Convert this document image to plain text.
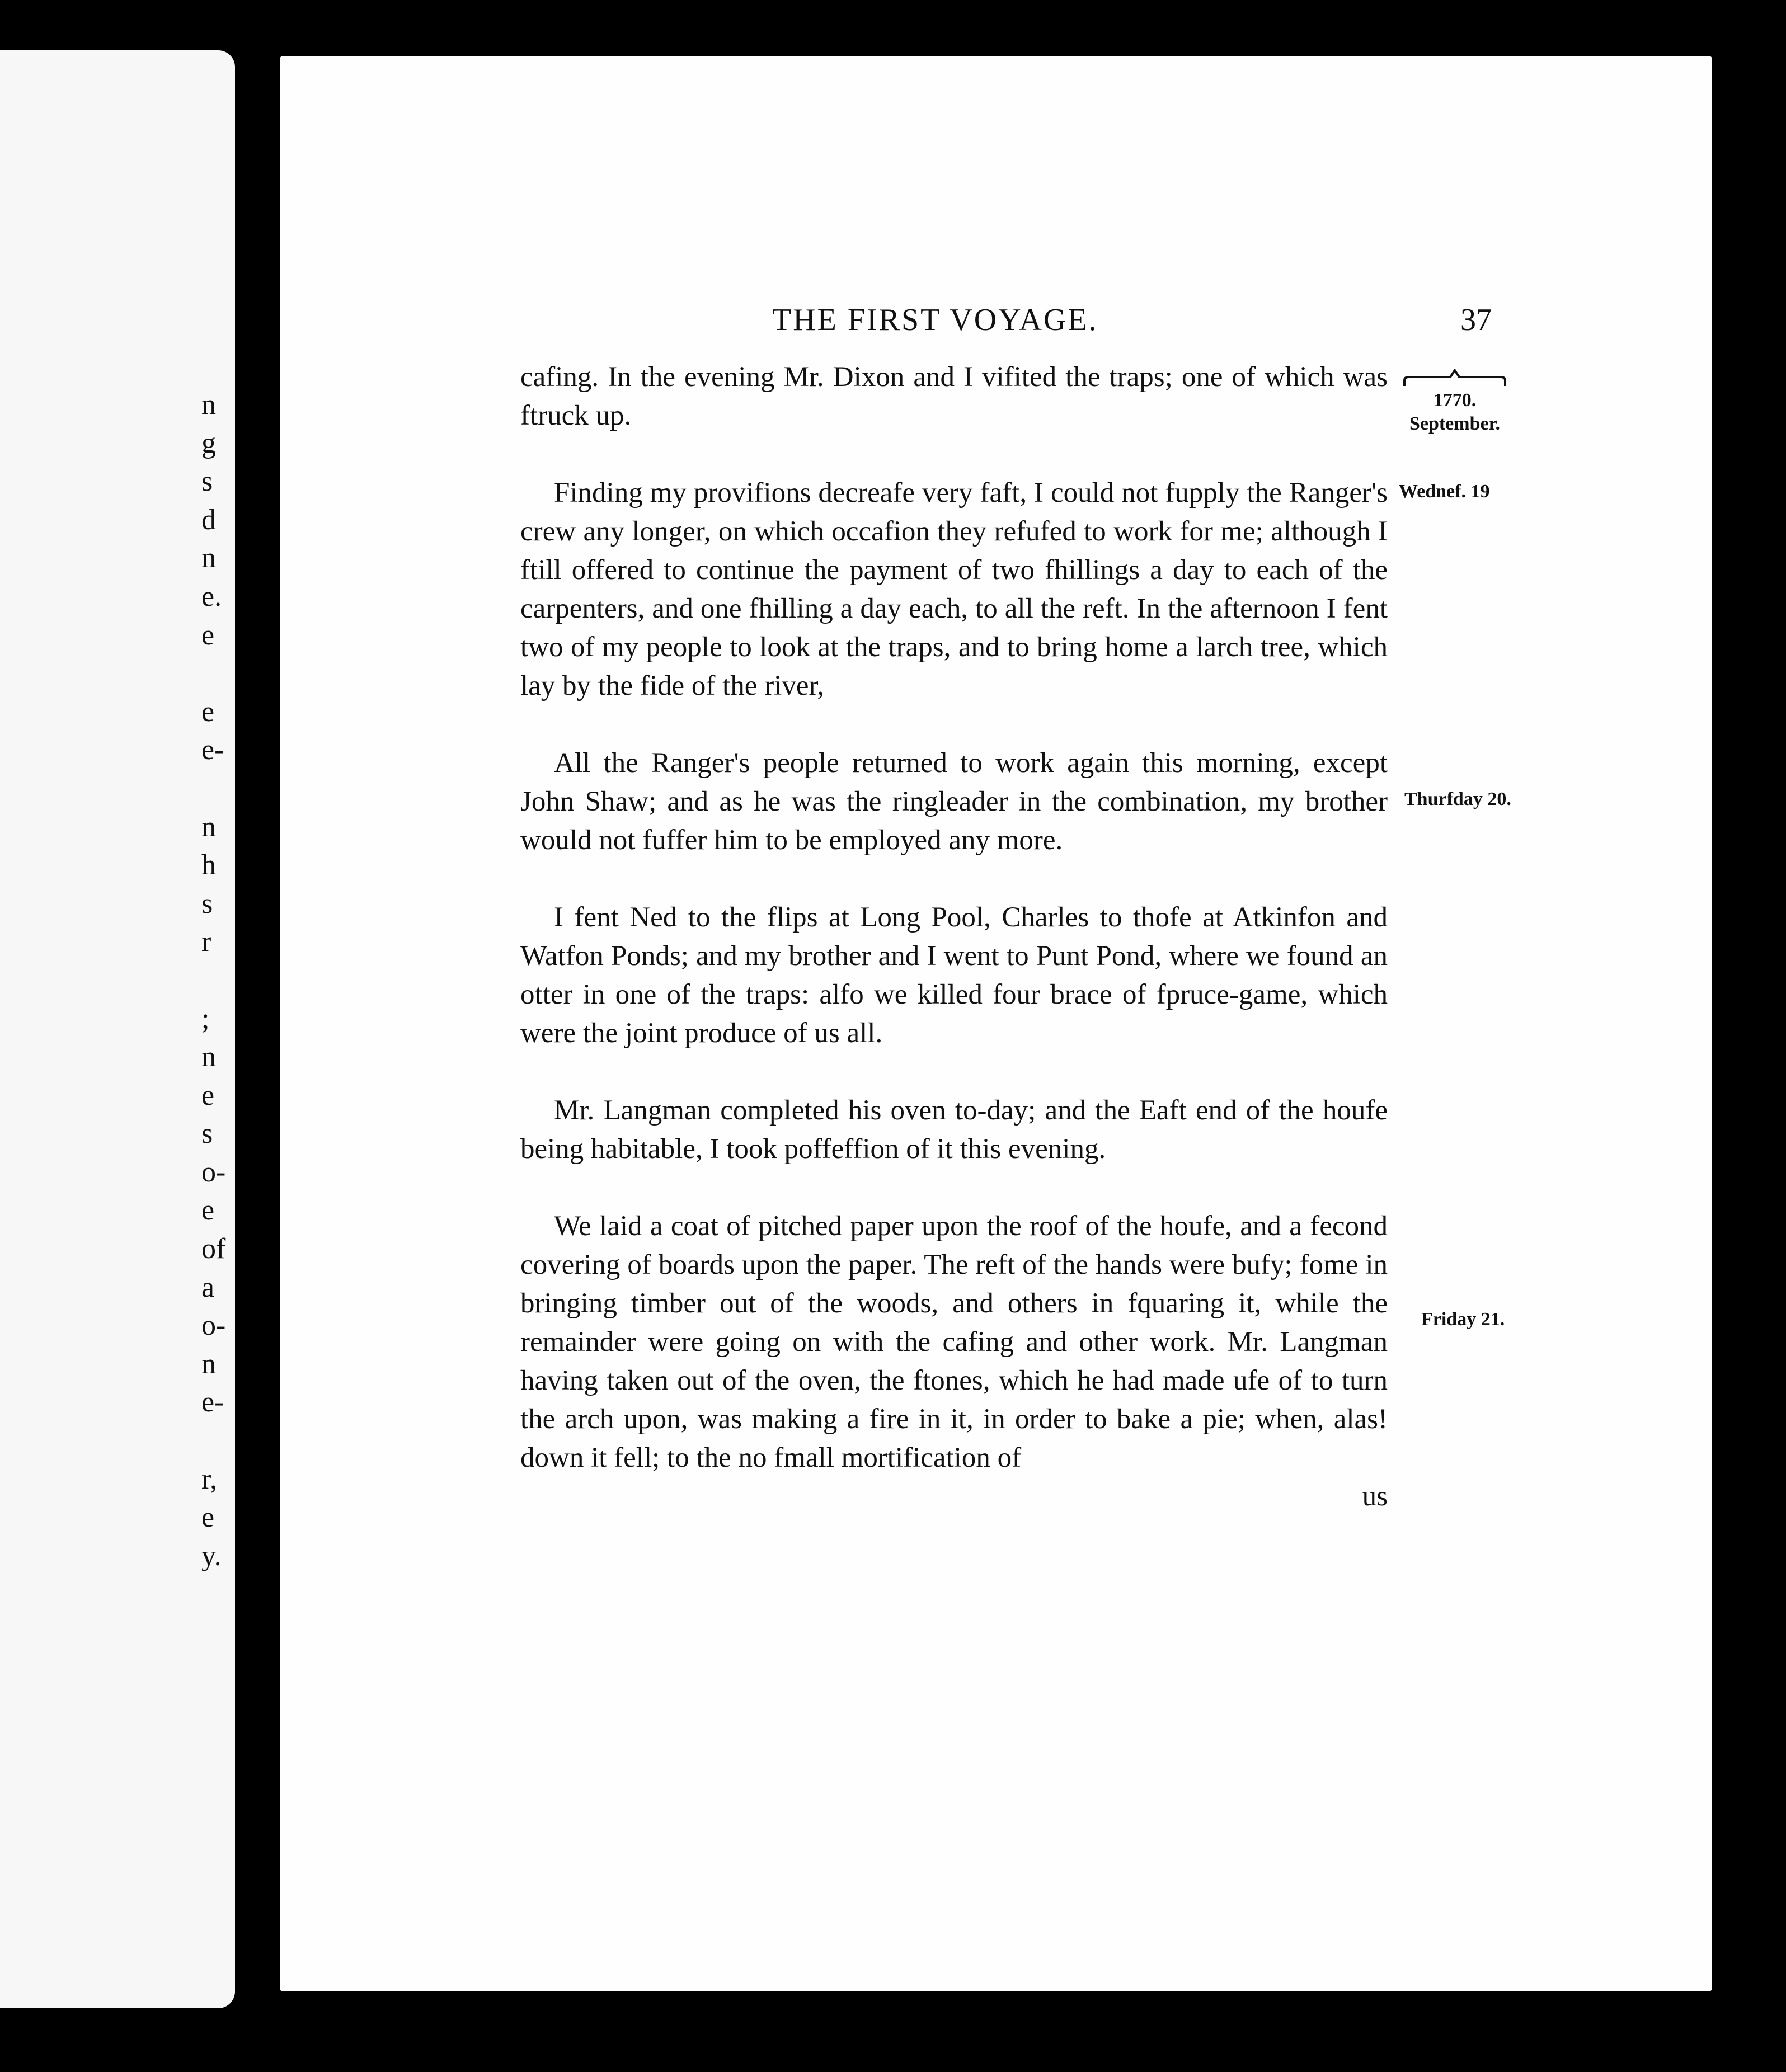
n
g
s
d
n
e.
e
e
e-
n
h
s
r
;
n
e
s
o-
e
of
a
o-
n
e-
r,
e
y.
THE FIRST VOYAGE.	37
1770.
September.
Wednef. 19
Thurfday 20.
Friday 21.

cafing. In the evening Mr. Dixon and I vifited the traps; one of which was ftruck up.

Finding my provifions decreafe very faft, I could not fupply the Ranger's crew any longer, on which occafion they refufed to work for me; although I ftill offered to continue the payment of two fhillings a day to each of the carpenters, and one fhilling a day each, to all the reft. In the afternoon I fent two of my people to look at the traps, and to bring home a larch tree, which lay by the fide of the river,

All the Ranger's people returned to work again this morning, except John Shaw; and as he was the ringleader in the combination, my brother would not fuffer him to be employed any more.

I fent Ned to the flips at Long Pool, Charles to thofe at Atkinfon and Watfon Ponds; and my brother and I went to Punt Pond, where we found an otter in one of the traps: alfo we killed four brace of fpruce-game, which were the joint produce of us all.

Mr. Langman completed his oven to-day; and the Eaft end of the houfe being habitable, I took poffeffion of it this evening.

We laid a coat of pitched paper upon the roof of the houfe, and a fecond covering of boards upon the paper. The reft of the hands were bufy; fome in bringing timber out of the woods, and others in fquaring it, while the remainder were going on with the cafing and other work. Mr. Langman having taken out of the oven, the ftones, which he had made ufe of to turn the arch upon, was making a fire in it, in order to bake a pie; when, alas! down it fell; to the no fmall mortification of

us
